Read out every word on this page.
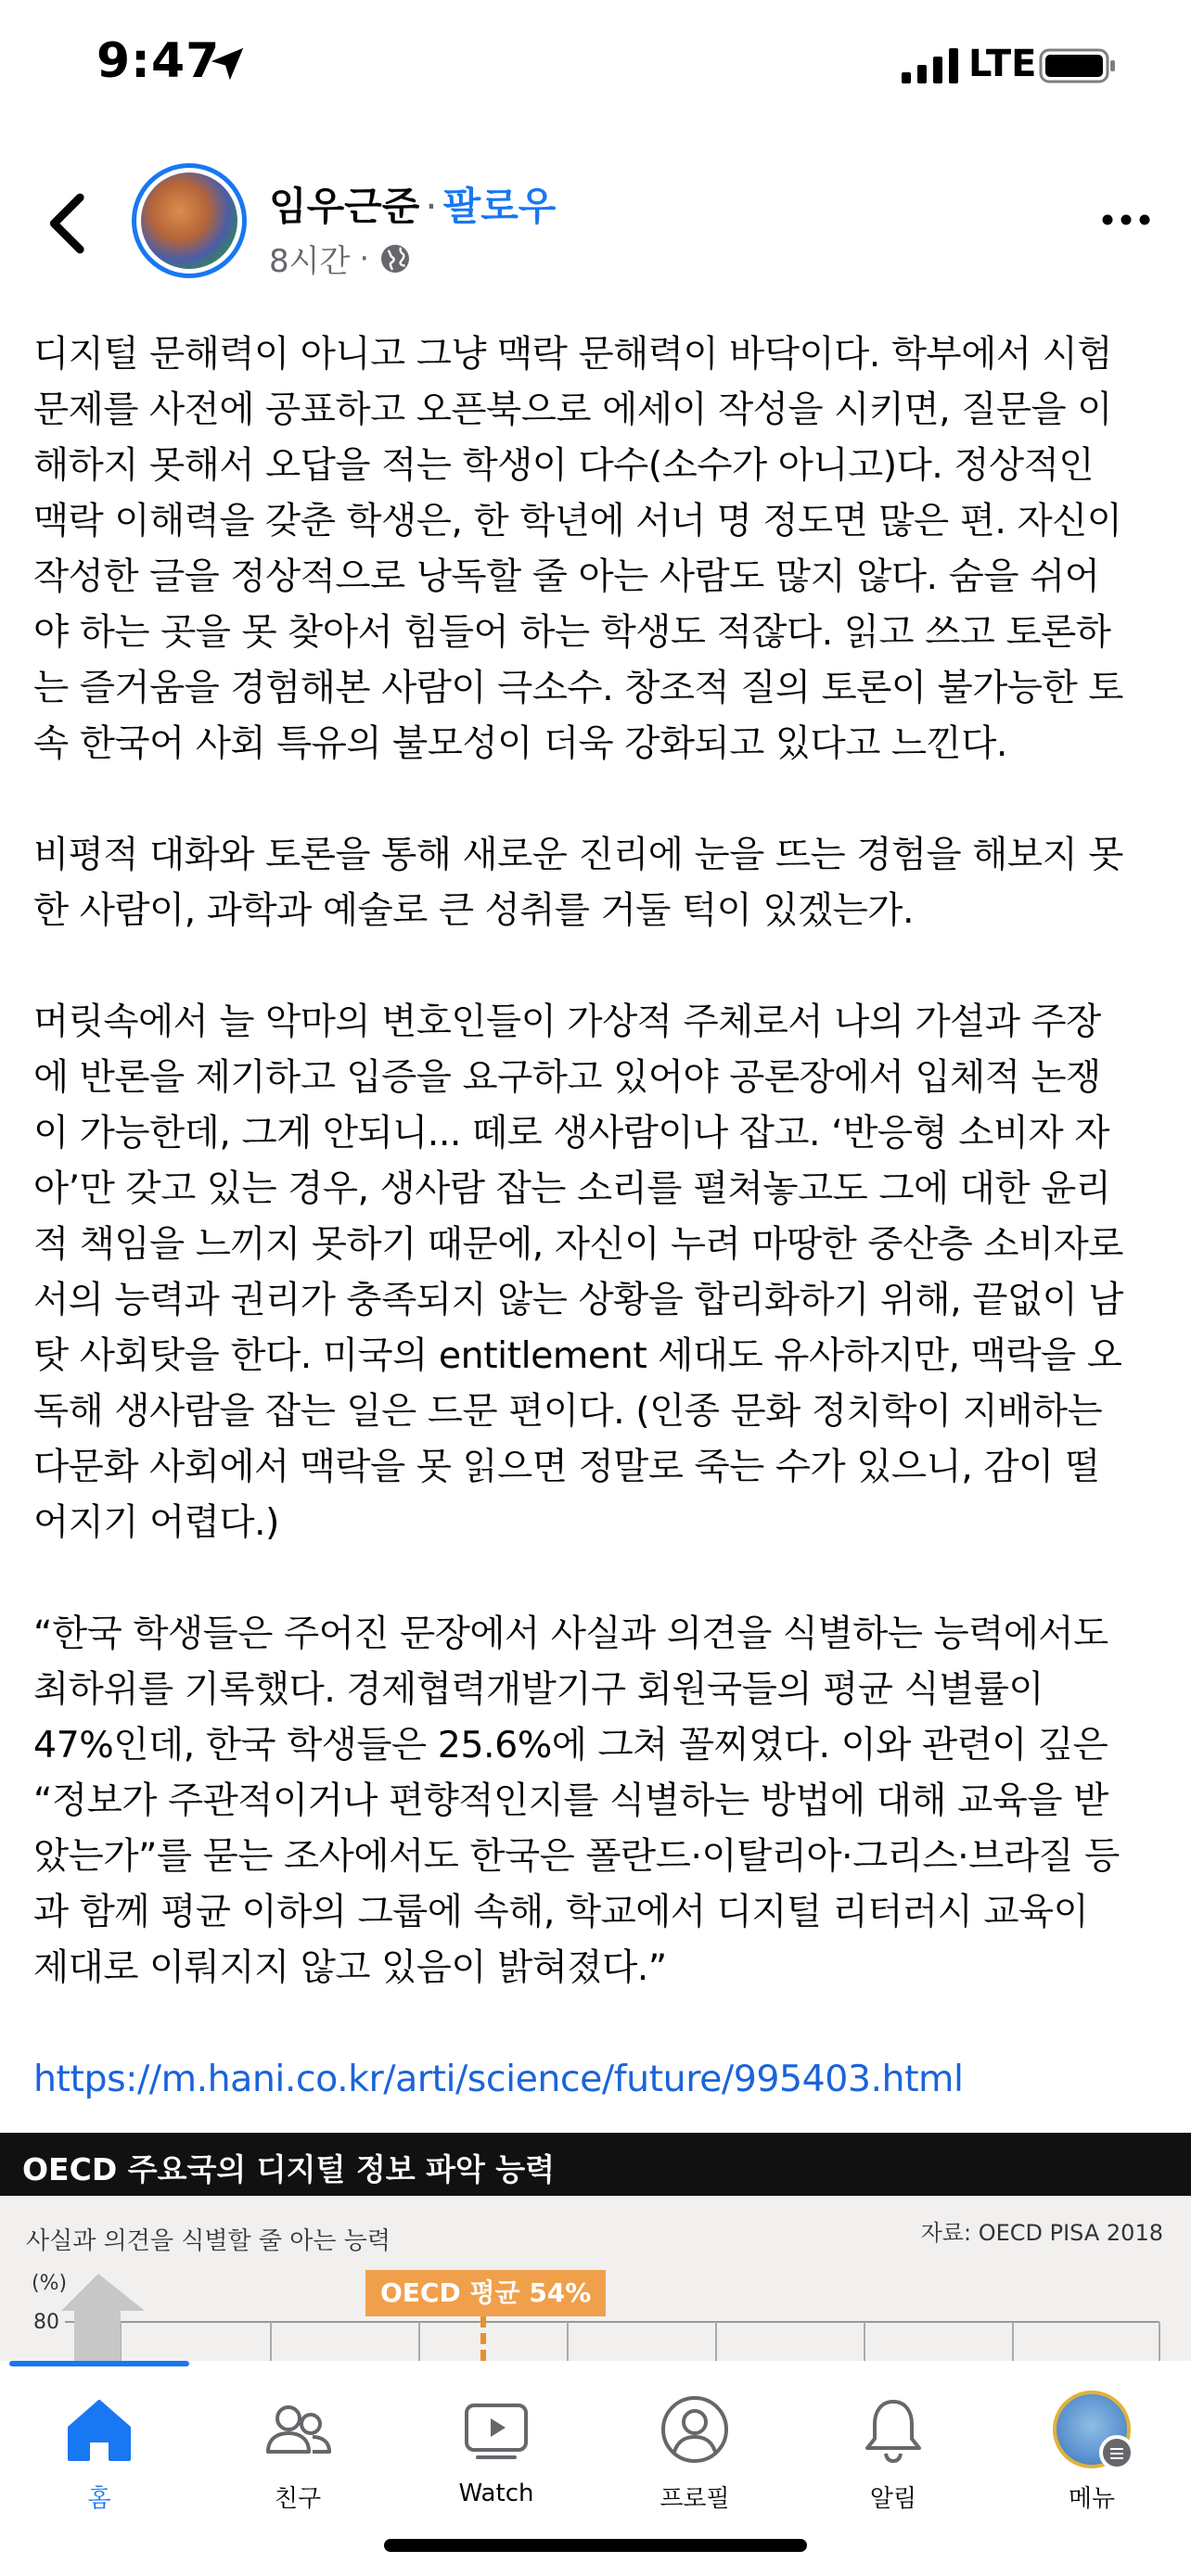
9:47	LTE
임우근준 · 팔로우
8시간 ·

디지털 문해력이 아니고 그냥 맥락 문해력이 바닥이다. 학부에서 시험
문제를 사전에 공표하고 오픈북으로 에세이 작성을 시키면, 질문을 이
해하지 못해서 오답을 적는 학생이 다수(소수가 아니고)다. 정상적인
맥락 이해력을 갖춘 학생은, 한 학년에 서너 명 정도면 많은 편. 자신이
작성한 글을 정상적으로 낭독할 줄 아는 사람도 많지 않다. 숨을 쉬어
야 하는 곳을 못 찾아서 힘들어 하는 학생도 적잖다. 읽고 쓰고 토론하
는 즐거움을 경험해본 사람이 극소수. 창조적 질의 토론이 불가능한 토
속 한국어 사회 특유의 불모성이 더욱 강화되고 있다고 느낀다.

비평적 대화와 토론을 통해 새로운 진리에 눈을 뜨는 경험을 해보지 못
한 사람이, 과학과 예술로 큰 성취를 거둘 턱이 있겠는가.

머릿속에서 늘 악마의 변호인들이 가상적 주체로서 나의 가설과 주장
에 반론을 제기하고 입증을 요구하고 있어야 공론장에서 입체적 논쟁
이 가능한데, 그게 안되니... 떼로 생사람이나 잡고. ‘반응형 소비자 자
아’만 갖고 있는 경우, 생사람 잡는 소리를 펼쳐놓고도 그에 대한 윤리
적 책임을 느끼지 못하기 때문에, 자신이 누려 마땅한 중산층 소비자로
서의 능력과 권리가 충족되지 않는 상황을 합리화하기 위해, 끝없이 남
탓 사회탓을 한다. 미국의 entitlement 세대도 유사하지만, 맥락을 오
독해 생사람을 잡는 일은 드문 편이다. (인종 문화 정치학이 지배하는
다문화 사회에서 맥락을 못 읽으면 정말로 죽는 수가 있으니, 감이 떨
어지기 어렵다.)

“한국 학생들은 주어진 문장에서 사실과 의견을 식별하는 능력에서도
최하위를 기록했다. 경제협력개발기구 회원국들의 평균 식별률이
47%인데, 한국 학생들은 25.6%에 그쳐 꼴찌였다. 이와 관련이 깊은
“정보가 주관적이거나 편향적인지를 식별하는 방법에 대해 교육을 받
았는가”를 묻는 조사에서도 한국은 폴란드·이탈리아·그리스·브라질 등
과 함께 평균 이하의 그룹에 속해, 학교에서 디지털 리터러시 교육이
제대로 이뤄지지 않고 있음이 밝혀졌다.”

https://m.hani.co.kr/arti/science/future/995403.html
OECD 주요국의 디지털 정보 파악 능력
사실과 의견을 식별할 줄 아는 능력	자료: OECD PISA 2018
(%)
80
OECD 평균 54%
홈	친구	Watch	프로필	알림	메뉴
